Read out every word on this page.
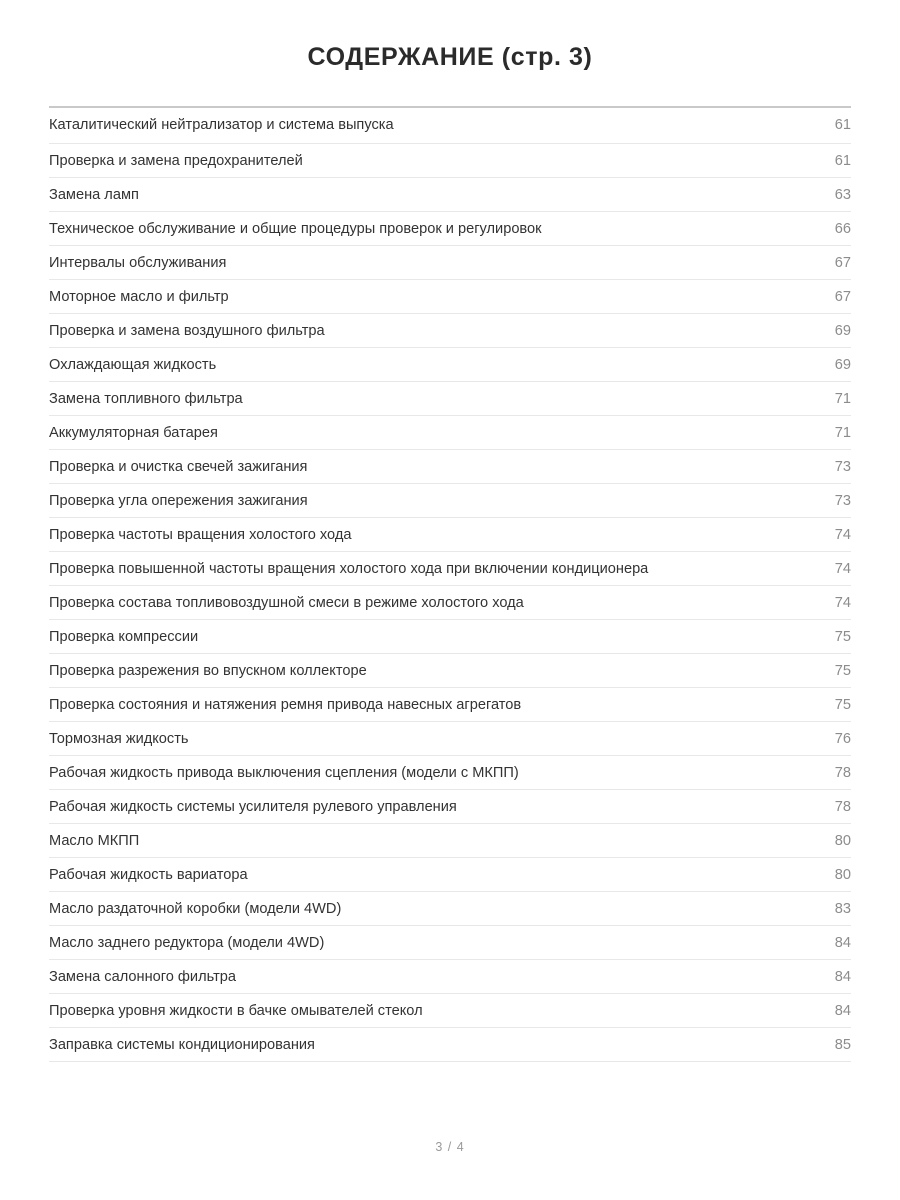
СОДЕРЖАНИЕ (стр. 3)
Каталитический нейтрализатор и система выпуска	61
Проверка и замена предохранителей	61
Замена ламп	63
Техническое обслуживание и общие процедуры проверок и регулировок	66
Интервалы обслуживания	67
Моторное масло и фильтр	67
Проверка и замена воздушного фильтра	69
Охлаждающая жидкость	69
Замена топливного фильтра	71
Аккумуляторная батарея	71
Проверка и очистка свечей зажигания	73
Проверка угла опережения зажигания	73
Проверка частоты вращения холостого хода	74
Проверка повышенной частоты вращения холостого хода при включении кондиционера	74
Проверка состава топливовоздушной смеси в режиме холостого хода	74
Проверка компрессии	75
Проверка разрежения во впускном коллекторе	75
Проверка состояния и натяжения ремня привода навесных агрегатов	75
Тормозная жидкость	76
Рабочая жидкость привода выключения сцепления (модели с МКПП)	78
Рабочая жидкость системы усилителя рулевого управления	78
Масло МКПП	80
Рабочая жидкость вариатора	80
Масло раздаточной коробки (модели 4WD)	83
Масло заднего редуктора (модели 4WD)	84
Замена салонного фильтра	84
Проверка уровня жидкости в бачке омывателей стекол	84
Заправка системы кондиционирования	85
3 / 4
